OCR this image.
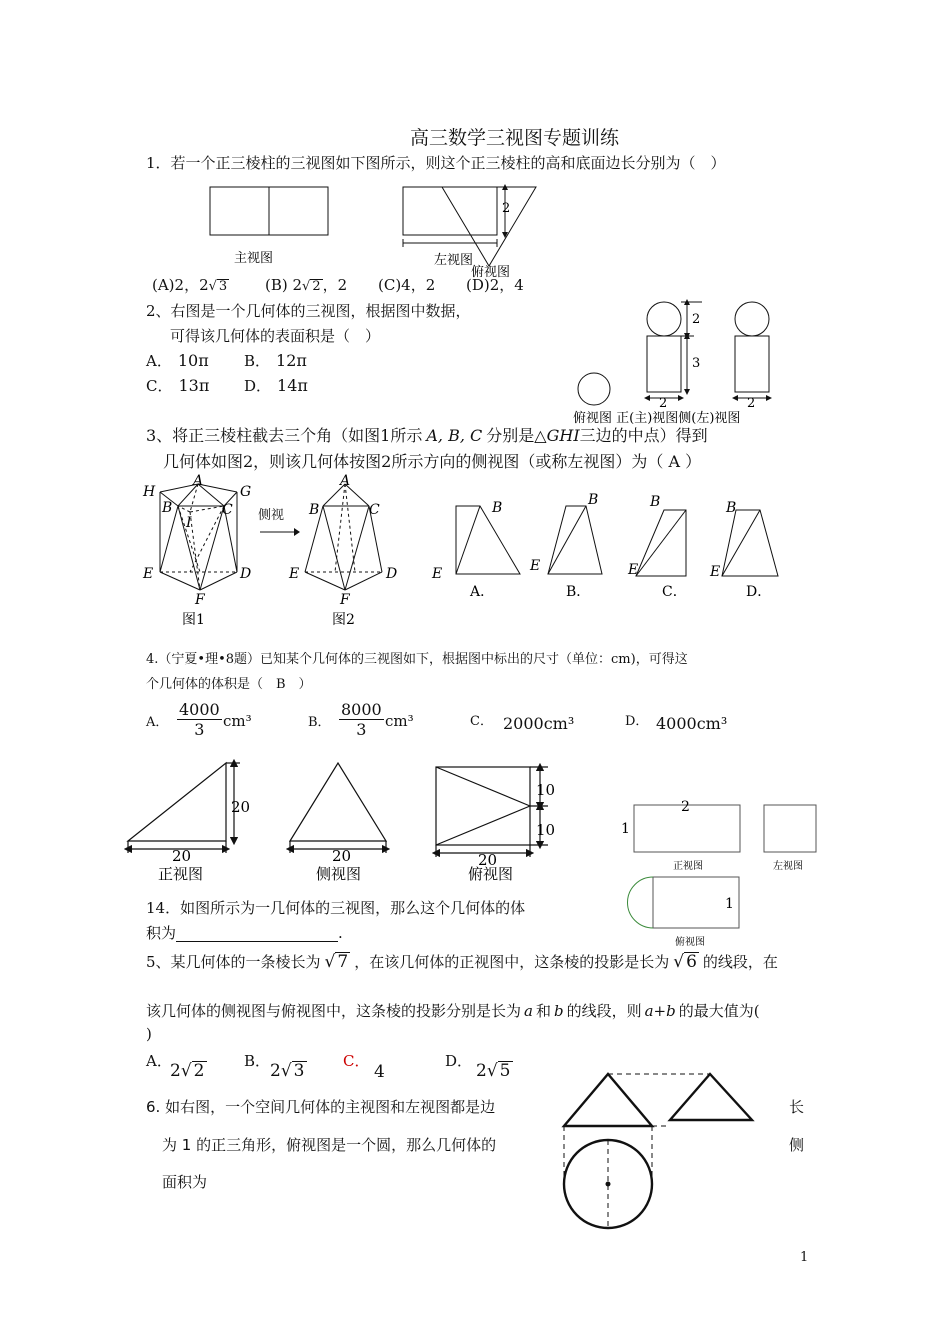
高三数学三视图专题训练
1．若一个正三棱柱的三视图如下图所示，则这个正三棱柱的高和底面边长分别为（　）
2
主视图	左视图
俯视图
(A)2，2√ 3	(B) 2√ 2 ，2 (C)4，2 (D)2，4
2、右图是一个几何体的三视图，根据图中数据，
可得该几何体的表面积是（　）
A． 10π B． 12π
C． 13π D． 14π
2
3
2	2
俯视图 正(主)视图侧(左)视图
3、将正三棱柱截去三个角（如图1所示 A, B, C 分别是△GHI三边的中点）得到
几何体如图2，则该几何体按图2所示方向的侧视图（或称左视图）为（ A ）
H
A
G
B	C
I
E	D
F
图1
侧视
A
B	C
E	D
F
图2
B
E
A．
B
E
B．
B
E
C．
B
E
D．
4.（宁夏•理•8题）已知某个几何体的三视图如下，根据图中标出的尺寸（单位：cm)，可得这
个几何体的体积是（　B　）
A． $\frac{4000}{3} cm^3$	B． $\frac{8000}{3} cm^3$	C． 2000cm³	D． 4000cm³
20
20	20	20
10
10
正视图	侧视图	俯视图
2
1
1
正视图	左视图
俯视图
14．如图所示为一几何体的三视图，那么这个几何体的体
积为	.
5、某几何体的一条棱长为 √ 7 ，在该几何体的正视图中，这条棱的投影是长为 √ 6 的线段，在
该几何体的侧视图与俯视图中，这条棱的投影分别是长为 a 和 b 的线段，则 a+b 的最大值为(
)
A．
2√ 2	B． 2√ 3	C．
4
D． 2√ 5
6. 如右图，一个空间几何体的主视图和左视图都是边	长
为 1 的正三角形，俯视图是一个圆，那么几何体的	侧
面积为
1
